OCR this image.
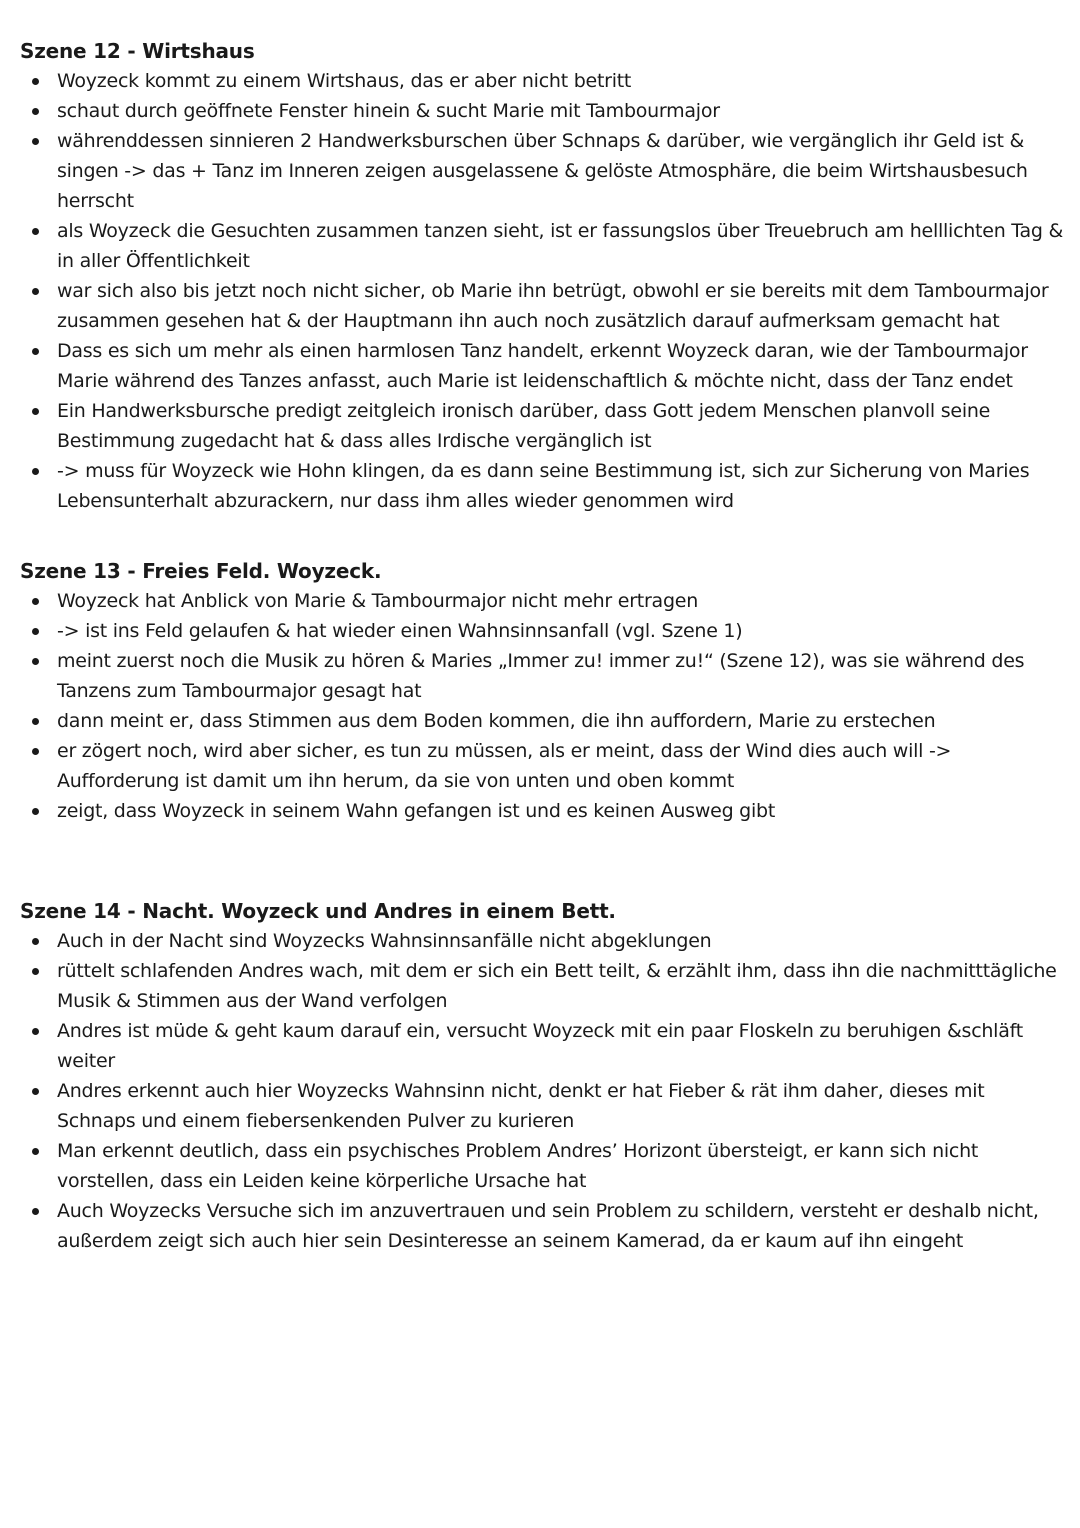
Szene 12 - Wirtshaus
Woyzeck kommt zu einem Wirtshaus, das er aber nicht betritt
schaut durch geöffnete Fenster hinein & sucht Marie mit Tambourmajor
währenddessen sinnieren 2 Handwerksburschen über Schnaps & darüber, wie vergänglich ihr Geld ist & singen -> das + Tanz im Inneren zeigen ausgelassene & gelöste Atmosphäre, die beim Wirtshausbesuch herrscht
als Woyzeck die Gesuchten zusammen tanzen sieht, ist er fassungslos über Treuebruch am helllichten Tag & in aller Öffentlichkeit
war sich also bis jetzt noch nicht sicher, ob Marie ihn betrügt, obwohl er sie bereits mit dem Tambourmajor zusammen gesehen hat & der Hauptmann ihn auch noch zusätzlich darauf aufmerksam gemacht hat
Dass es sich um mehr als einen harmlosen Tanz handelt, erkennt Woyzeck daran, wie der Tambourmajor Marie während des Tanzes anfasst, auch Marie ist leidenschaftlich & möchte nicht, dass der Tanz endet
Ein Handwerksbursche predigt zeitgleich ironisch darüber, dass Gott jedem Menschen planvoll seine Bestimmung zugedacht hat & dass alles Irdische vergänglich ist
-> muss für Woyzeck wie Hohn klingen, da es dann seine Bestimmung ist, sich zur Sicherung von Maries Lebensunterhalt abzurackern, nur dass ihm alles wieder genommen wird
Szene 13 - Freies Feld. Woyzeck.
Woyzeck hat Anblick von Marie & Tambourmajor nicht mehr ertragen
-> ist ins Feld gelaufen & hat wieder einen Wahnsinnsanfall (vgl. Szene 1)
meint zuerst noch die Musik zu hören & Maries „Immer zu! immer zu!“ (Szene 12), was sie während des Tanzens zum Tambourmajor gesagt hat
dann meint er, dass Stimmen aus dem Boden kommen, die ihn auffordern, Marie zu erstechen
er zögert noch, wird aber sicher, es tun zu müssen, als er meint, dass der Wind dies auch will -> Aufforderung ist damit um ihn herum, da sie von unten und oben kommt
zeigt, dass Woyzeck in seinem Wahn gefangen ist und es keinen Ausweg gibt
Szene 14 - Nacht. Woyzeck und Andres in einem Bett.
Auch in der Nacht sind Woyzecks Wahnsinnsanfälle nicht abgeklungen
rüttelt schlafenden Andres wach, mit dem er sich ein Bett teilt, & erzählt ihm, dass ihn die nachmitttägliche Musik & Stimmen aus der Wand verfolgen
Andres ist müde & geht kaum darauf ein, versucht Woyzeck mit ein paar Floskeln zu beruhigen &schläft weiter
Andres erkennt auch hier Woyzecks Wahnsinn nicht, denkt er hat Fieber & rät ihm daher, dieses mit Schnaps und einem fiebersenkenden Pulver zu kurieren
Man erkennt deutlich, dass ein psychisches Problem Andres’ Horizont übersteigt, er kann sich nicht vorstellen, dass ein Leiden keine körperliche Ursache hat
Auch Woyzecks Versuche sich im anzuvertrauen und sein Problem zu schildern, versteht er deshalb nicht, außerdem zeigt sich auch hier sein Desinteresse an seinem Kamerad, da er kaum auf ihn eingeht
